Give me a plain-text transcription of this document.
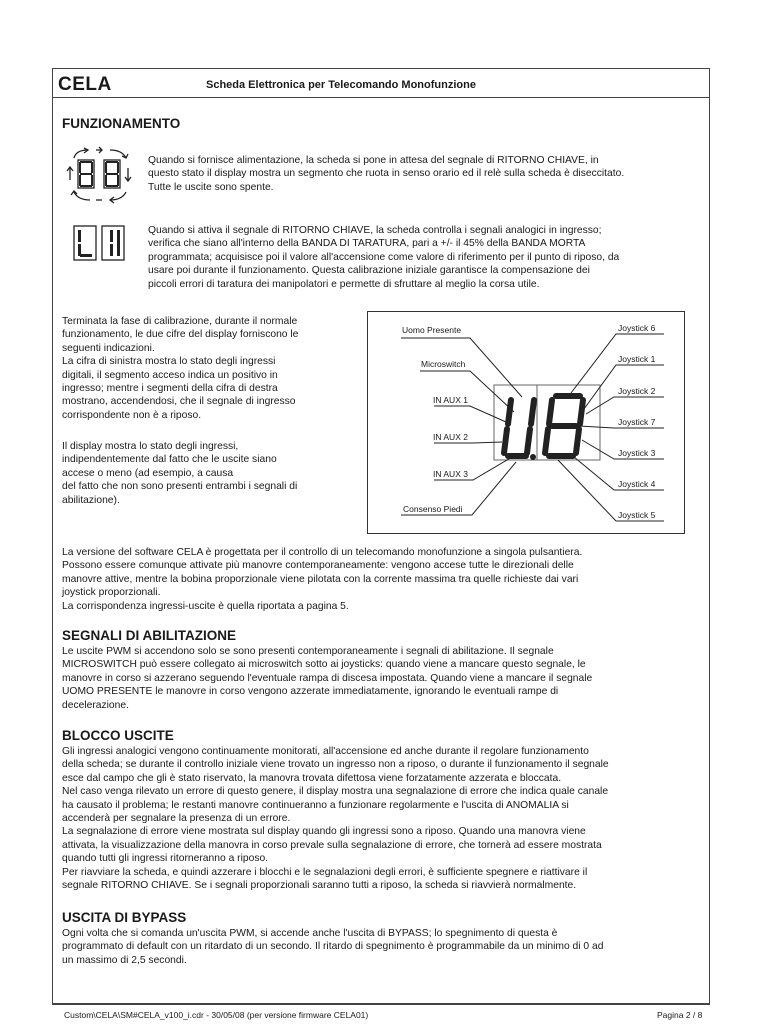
CELA	Scheda Elettronica per Telecomando Monofunzione
FUNZIONAMENTO

Quando si fornisce alimentazione, la scheda si pone in attesa del segnale di RITORNO CHIAVE, in

questo stato il display mostra un segmento che ruota in senso orario ed il relè sulla scheda è diseccitato.

Tutte le uscite sono spente.

Quando si attiva il segnale di RITORNO CHIAVE, la scheda controlla i segnali analogici in ingresso;

verifica che siano all'interno della BANDA DI TARATURA, pari a +/- il 45% della BANDA MORTA

programmata; acquisisce poi il valore all'accensione come valore di riferimento per il punto di riposo, da

usare poi durante il funzionamento. Questa calibrazione iniziale garantisce la compensazione dei

piccoli errori di taratura dei manipolatori e permette di sfruttare al meglio la corsa utile.

Terminata la fase di calibrazione, durante il normale

funzionamento, le due cifre del display forniscono le

seguenti indicazioni.

La cifra di sinistra mostra lo stato degli ingressi

digitali, il segmento acceso indica un positivo in

ingresso; mentre i segmenti della cifra di destra

mostrano, accendendosi, che il segnale di ingresso

corrispondente non è a riposo.

Il display mostra lo stato degli ingressi,

indipendentemente dal fatto che le uscite siano

accese o meno (ad esempio, a causa

del fatto che non sono presenti entrambi i segnali di

abilitazione).

Uomo Presente
Microswitch
IN AUX 1
IN AUX 2
IN AUX 3
Consenso Piedi
Joystick 6
Joystick 1
Joystick 2
Joystick 7
Joystick 3
Joystick 4
Joystick 5

La versione del software CELA è progettata per il controllo di un telecomando monofunzione a singola pulsantiera.

Possono essere comunque attivate più manovre contemporaneamente: vengono accese tutte le direzionali delle

manovre attive, mentre la bobina proporzionale viene pilotata con la corrente massima tra quelle richieste dai vari

joystick proporzionali.

La corrispondenza ingressi-uscite è quella riportata a pagina 5.

SEGNALI DI ABILITAZIONE

Le uscite PWM si accendono solo se sono presenti contemporaneamente i segnali di abilitazione. Il segnale

MICROSWITCH può essere collegato ai microswitch sotto ai joysticks: quando viene a mancare questo segnale, le

manovre in corso si azzerano seguendo l'eventuale rampa di discesa impostata. Quando viene a mancare il segnale

UOMO PRESENTE le manovre in corso vengono azzerate immediatamente, ignorando le eventuali rampe di

decelerazione.

BLOCCO USCITE

Gli ingressi analogici vengono continuamente monitorati, all'accensione ed anche durante il regolare funzionamento

della scheda; se durante il controllo iniziale viene trovato un ingresso non a riposo, o durante il funzionamento il segnale

esce dal campo che gli è stato riservato, la manovra trovata difettosa viene forzatamente azzerata e bloccata.

Nel caso venga rilevato un errore di questo genere, il display mostra una segnalazione di errore che indica quale canale

ha causato il problema; le restanti manovre continueranno a funzionare regolarmente e l'uscita di ANOMALIA si

accenderà per segnalare la presenza di un errore.

La segnalazione di errore viene mostrata sul display quando gli ingressi sono a riposo. Quando una manovra viene

attivata, la visualizzazione della manovra in corso prevale sulla segnalazione di errore, che tornerà ad essere mostrata

quando tutti gli ingressi ritorneranno a riposo.

Per riavviare la scheda, e quindi azzerare i blocchi e le segnalazioni degli errori, è sufficiente spegnere e riattivare il

segnale RITORNO CHIAVE. Se i segnali proporzionali saranno tutti a riposo, la scheda si riavvierà normalmente.

USCITA DI BYPASS

Ogni volta che si comanda un'uscita PWM, si accende anche l'uscita di BYPASS; lo spegnimento di questa è

programmato di default con un ritardato di un secondo. Il ritardo di spegnimento è programmabile da un minimo di 0 ad

un massimo di 2,5 secondi.

Custom\CELA\SM#CELA_v100_i.cdr - 30/05/08 (per versione firmware CELA01)	Pagina 2 / 8
